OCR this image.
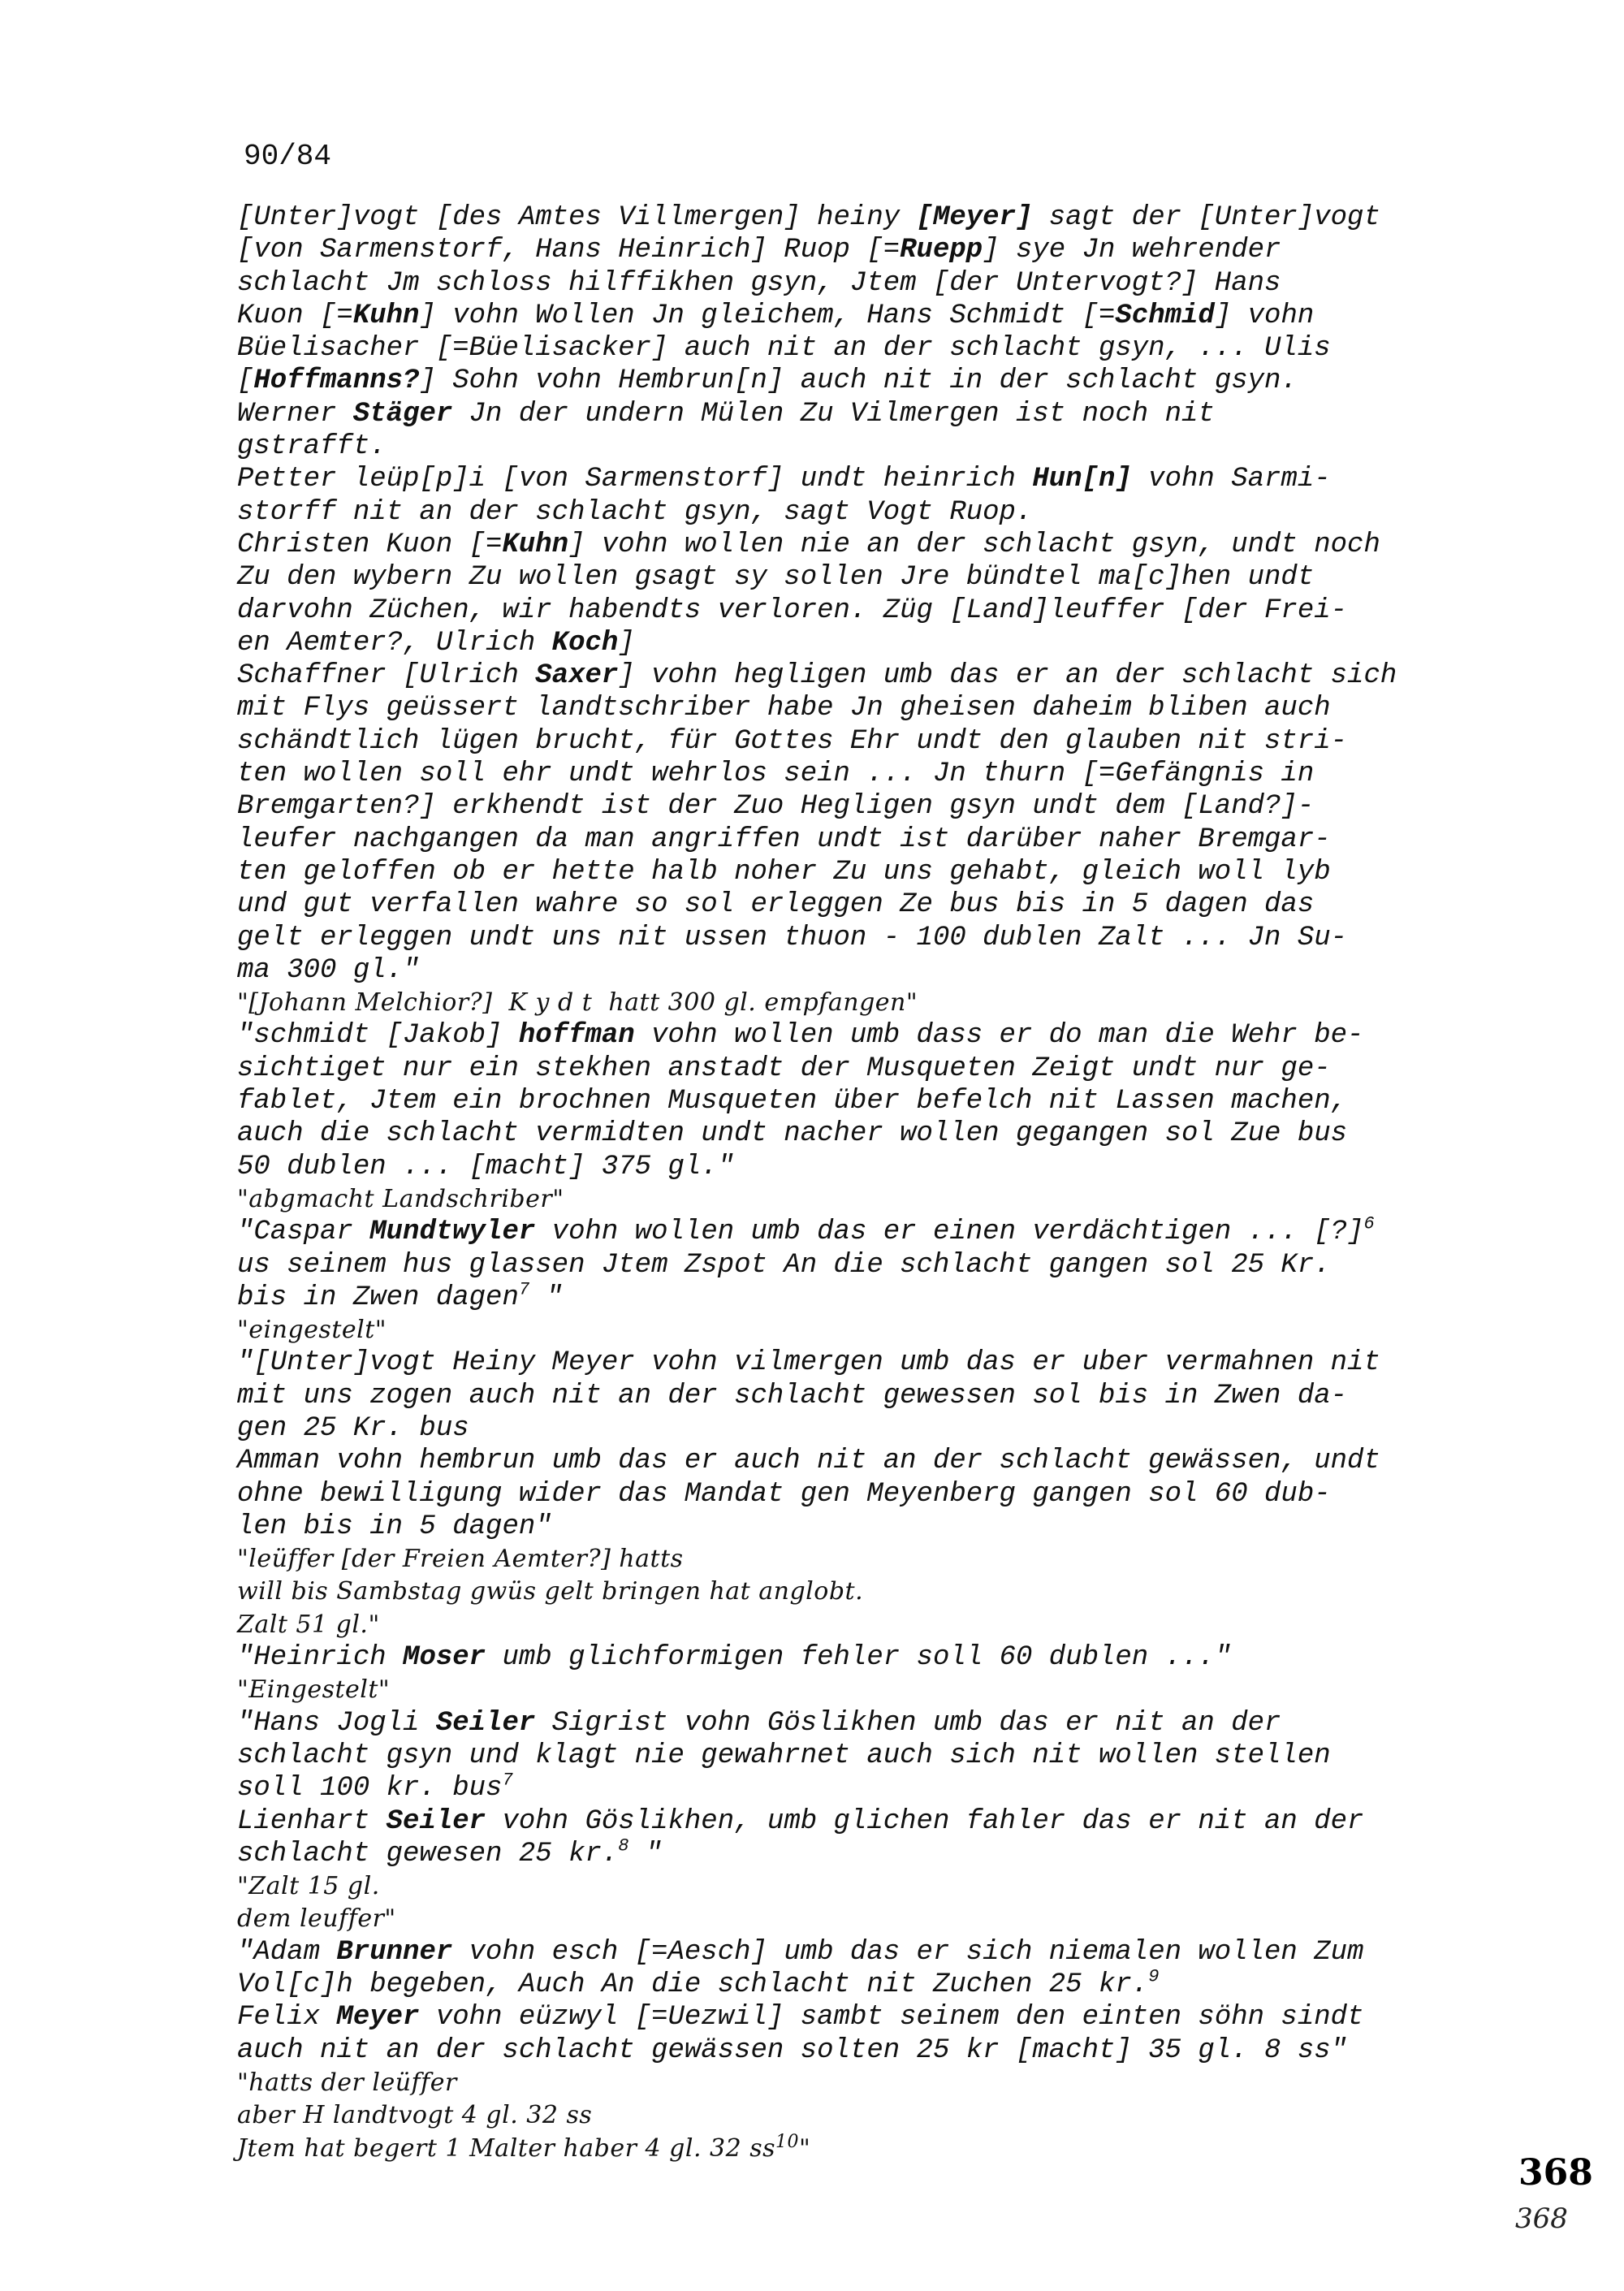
90/84
[Unter]vogt [des Amtes Villmergen] heiny [Meyer] sagt der [Unter]vogt
[von Sarmenstorf, Hans Heinrich] Ruop [=Ruepp] sye Jn wehrender
schlacht Jm schloss hilffikhen gsyn, Jtem [der Untervogt?] Hans
Kuon [=Kuhn] vohn Wollen Jn gleichem, Hans Schmidt [=Schmid] vohn
Büelisacher [=Büelisacker] auch nit an der schlacht gsyn, ... Ulis
[Hoffmanns?] Sohn vohn Hembrun[n] auch nit in der schlacht gsyn.
Werner Stäger Jn der undern Mülen Zu Vilmergen ist noch nit
gstrafft.
Petter leüp[p]i [von Sarmenstorf] undt heinrich Hun[n] vohn Sarmi-
storff nit an der schlacht gsyn, sagt Vogt Ruop.
Christen Kuon [=Kuhn] vohn wollen nie an der schlacht gsyn, undt noch
Zu den wybern Zu wollen gsagt sy sollen Jre bündtel ma[c]hen undt
darvohn Züchen, wir habendts verloren. Züg [Land]leuffer [der Frei-
en Aemter?, Ulrich Koch]
Schaffner [Ulrich Saxer] vohn hegligen umb das er an der schlacht sich
mit Flys geüssert landtschriber habe Jn gheisen daheim bliben auch
schändtlich lügen brucht, für Gottes Ehr undt den glauben nit stri-
ten wollen soll ehr undt wehrlos sein ... Jn thurn [=Gefängnis in
Bremgarten?] erkhendt ist der Zuo Hegligen gsyn undt dem [Land?]-
leufer nachgangen da man angriffen undt ist darüber naher Bremgar-
ten geloffen ob er hette halb noher Zu uns gehabt, gleich woll lyb
und gut verfallen wahre so sol erleggen Ze bus bis in 5 dagen das
gelt erleggen undt uns nit ussen thuon - 100 dublen Zalt ... Jn Su-
ma 300 gl."
"[Johann Melchior?]  K y d t  hatt 300 gl. empfangen"
"schmidt [Jakob] hoffman vohn wollen umb dass er do man die Wehr be-
sichtiget nur ein stekhen anstadt der Musqueten Zeigt undt nur ge-
fablet, Jtem ein brochnen Musqueten über befelch nit Lassen machen,
auch die schlacht vermidten undt nacher wollen gegangen sol Zue bus
50 dublen ... [macht] 375 gl."
"abgmacht Landschriber"
"Caspar Mundtwyler vohn wollen umb das er einen verdächtigen ... [?]$^6$
us seinem hus glassen Jtem Zspot An die schlacht gangen sol 25 Kr.
bis in Zwen dagen$^7$ "
"eingestelt"
"[Unter]vogt Heiny Meyer vohn vilmergen umb das er uber vermahnen nit
mit uns zogen auch nit an der schlacht gewessen sol bis in Zwen da-
gen 25 Kr. bus
Amman vohn hembrun umb das er auch nit an der schlacht gewässen, undt
ohne bewilligung wider das Mandat gen Meyenberg gangen sol 60 dub-
len bis in 5 dagen"
"leüffer [der Freien Aemter?] hatts
will bis Sambstag gwüs gelt bringen hat anglobt.
Zalt 51 gl."
"Heinrich Moser umb glichformigen fehler soll 60 dublen ..."
"Eingestelt"
"Hans Jogli Seiler Sigrist vohn Göslikhen umb das er nit an der
schlacht gsyn und klagt nie gewahrnet auch sich nit wollen stellen
soll 100 kr. bus$^7$
Lienhart Seiler vohn Göslikhen, umb glichen fahler das er nit an der
schlacht gewesen 25 kr.$^8$ "
"Zalt 15 gl.
dem leuffer"
"Adam Brunner vohn esch [=Aesch] umb das er sich niemalen wollen Zum
Vol[c]h begeben, Auch An die schlacht nit Zuchen 25 kr.$^9$
Felix Meyer vohn eüzwyl [=Uezwil] sambt seinem den einten söhn sindt
auch nit an der schlacht gewässen solten 25 kr [macht] 35 gl. 8 ss"
"hatts der leüffer
aber H landtvogt 4 gl. 32 ss
Jtem hat begert 1 Malter haber 4 gl. 32 $ss^{10}$"
368
368
